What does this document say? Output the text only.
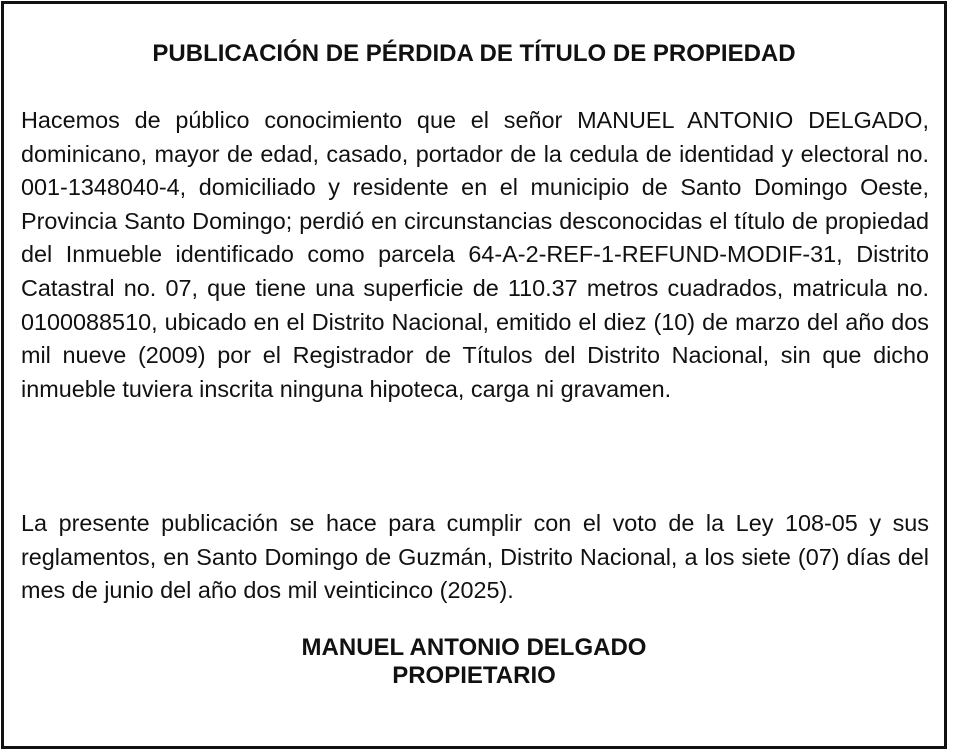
PUBLICACIÓN DE PÉRDIDA DE TÍTULO DE PROPIEDAD

Hacemos de público conocimiento que el señor MANUEL ANTONIO DELGADO, dominicano, mayor de edad, casado, portador de la cedula de identidad y electoral no. 001-1348040-4, domiciliado y residente en el municipio de Santo Domingo Oeste, Provincia Santo Domingo; perdió en circunstancias desconocidas el título de propiedad del Inmueble identificado como parcela 64-A-2-REF-1-REFUND-MODIF-31, Distrito Catastral no. 07, que tiene una superficie de 110.37 metros cuadrados, matricula no. 0100088510, ubicado en el Distrito Nacional, emitido el diez (10) de marzo del año dos mil nueve (2009) por el Registrador de Títulos del Distrito Nacional, sin que dicho inmueble tuviera inscrita ninguna hipoteca, carga ni gravamen.

La presente publicación se hace para cumplir con el voto de la Ley 108-05 y sus reglamentos, en Santo Domingo de Guzmán, Distrito Nacional, a los siete (07) días del mes de junio del año dos mil veinticinco (2025).

MANUEL ANTONIO DELGADO
PROPIETARIO
